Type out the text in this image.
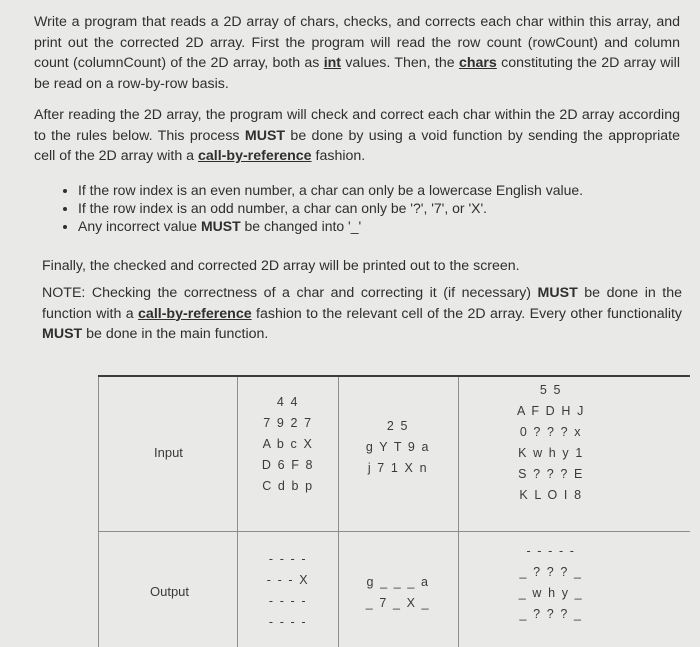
Write a program that reads a 2D array of chars, checks, and corrects each char within this array, and print out the corrected 2D array. First the program will read the row count (rowCount) and column count (columnCount) of the 2D array, both as int values. Then, the chars constituting the 2D array will be read on a row-by-row basis.
After reading the 2D array, the program will check and correct each char within the 2D array according to the rules below. This process MUST be done by using a void function by sending the appropriate cell of the 2D array with a call-by-reference fashion.
• If the row index is an even number, a char can only be a lowercase English value.
• If the row index is an odd number, a char can only be '?', '7', or 'X'.
• Any incorrect value MUST be changed into '_'
Finally, the checked and corrected 2D array will be printed out to the screen.
NOTE: Checking the correctness of a char and correcting it (if necessary) MUST be done in the function with a call-by-reference fashion to the relevant cell of the 2D array. Every other functionality MUST be done in the main function.
Input
Output
4 4
7 9 2 7
A b c X
D 6 F 8
C d b p
2 5
g Y T 9 a
j 7 1 X n
5 5
A F D H J
0 ? ? ? x
K w h y 1
S ? ? ? E
K L O I 8
- - - -
- - - X
- - - -
- - - -
g _ _ _ a
_ 7 _ X _
- - - - -
_ ? ? ? _
_ w h y _
_ ? ? ? _
